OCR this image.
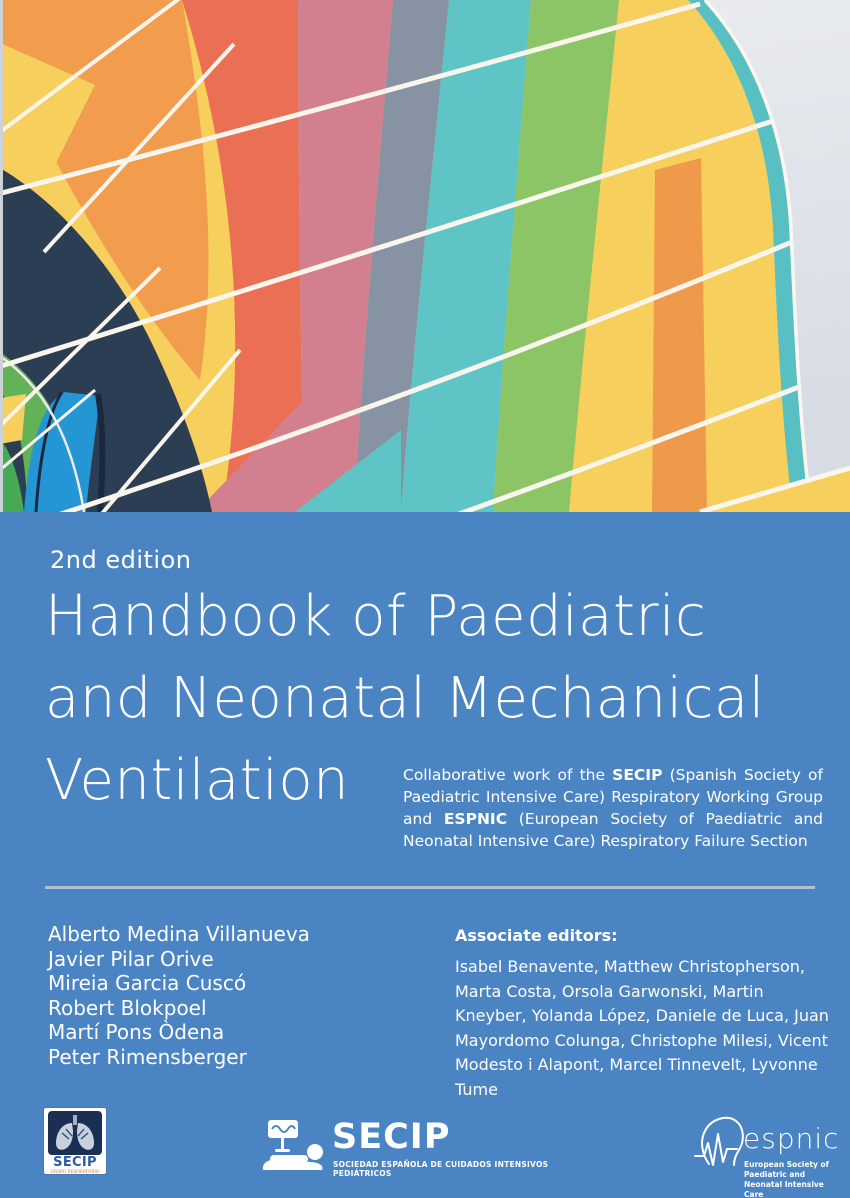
2nd edition
Handbook of Paediatric
and Neonatal Mechanical
Ventilation	Collaborative work of the SECIP (Spanish Society of Paediatric Intensive Care) Respiratory Working Group and ESPNIC (European Society of Paediatric and Neonatal Intensive Care) Respiratory Failure Section
Alberto Medina Villanueva
Javier Pilar Orive
Mireia Garcia Cuscó
Robert Blokpoel
Martí Pons Òdena
Peter Rimensberger
Associate editors:
Isabel Benavente, Matthew Christopherson, Marta Costa, Orsola Garwonski, Martin Kneyber, Yolanda López, Daniele de Luca, Juan Mayordomo Colunga, Christophe Milesi, Vicent Modesto i Alapont, Marcel Tinnevelt, Lyvonne Tume
SECIP
GRUPO RESPIRATORIO
SECIP
SOCIEDAD ESPAÑOLA DE CUIDADOS INTENSIVOS PEDIÁTRICOS
espnic
European Society of Paediatric and Neonatal Intensive Care
